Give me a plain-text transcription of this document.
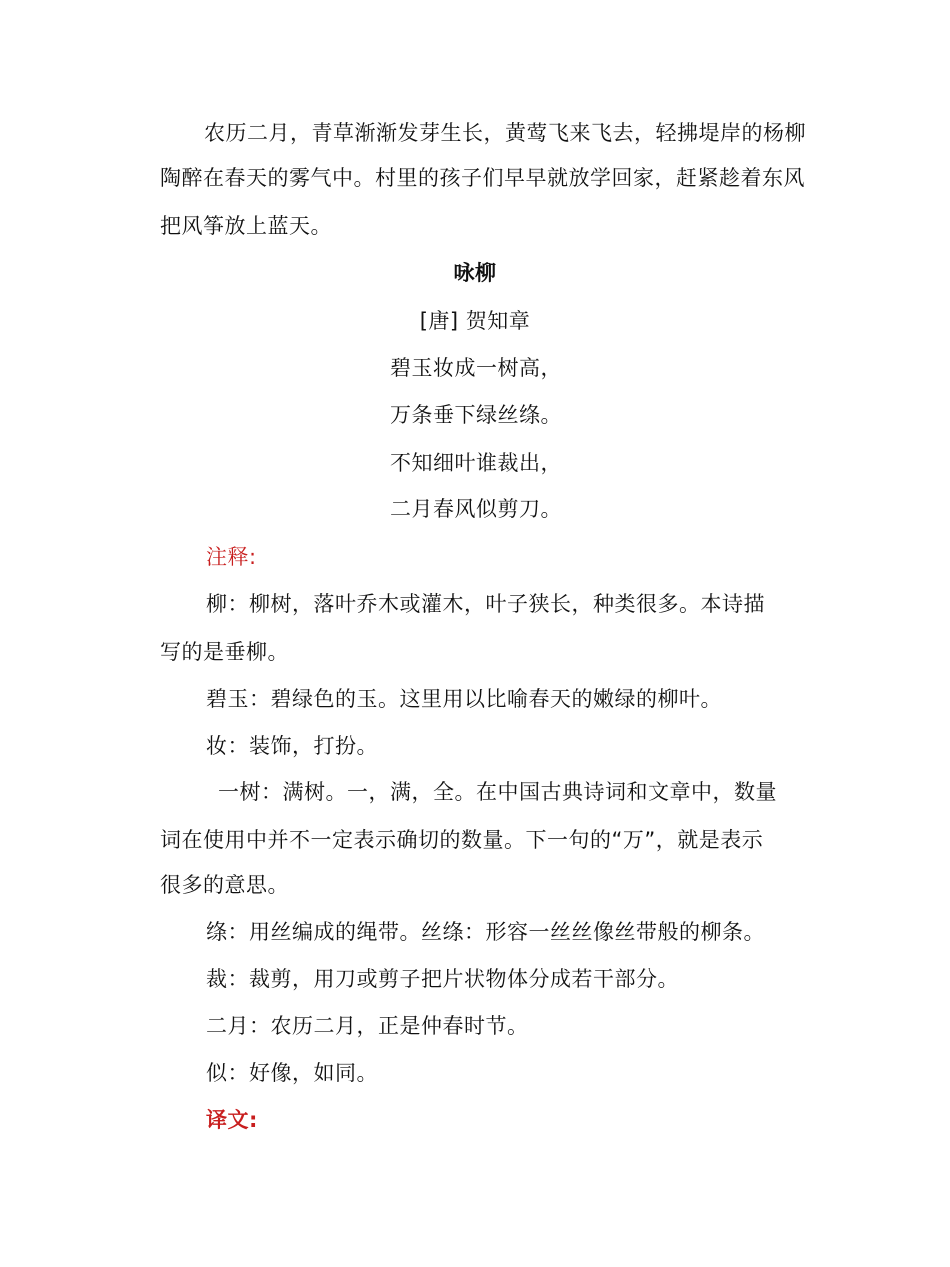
农历二月，青草渐渐发芽生长，黄莺飞来飞去，轻拂堤岸的杨柳

陶醉在春天的雾气中。村里的孩子们早早就放学回家，赶紧趁着东风

把风筝放上蓝天。

咏柳

[唐] 贺知章

碧玉妆成一树高，

万条垂下绿丝绦。

不知细叶谁裁出，

二月春风似剪刀。

注释:

柳：柳树，落叶乔木或灌木，叶子狭长，种类很多。本诗描

写的是垂柳。

碧玉：碧绿色的玉。这里用以比喻春天的嫩绿的柳叶。

妆：装饰，打扮。

一树：满树。一，满，全。在中国古典诗词和文章中，数量

词在使用中并不一定表示确切的数量。下一句的“万”，就是表示

很多的意思。

绦：用丝编成的绳带。丝绦：形容一丝丝像丝带般的柳条。

裁：裁剪，用刀或剪子把片状物体分成若干部分。

二月：农历二月，正是仲春时节。

似：好像，如同。

译文:
